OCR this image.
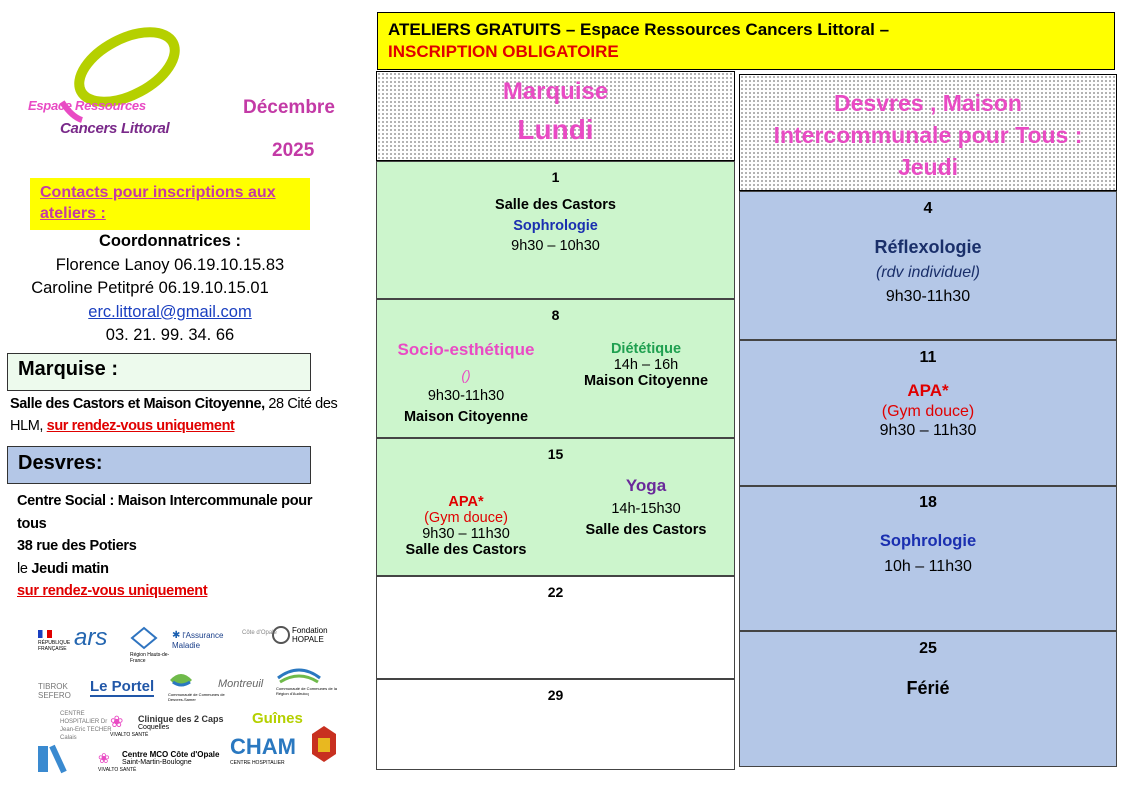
Espace Ressources
Cancers Littoral
Décembre
2025
Contacts pour inscriptions aux ateliers :
Coordonnatrices :
Florence Lanoy 06.19.10.15.83
Caroline Petitpré 06.19.10.15.01
erc.littoral@gmail.com
03. 21. 99. 34. 66
Marquise :
Salle des Castors et Maison Citoyenne, 28 Cité des HLM, sur rendez-vous uniquement
Desvres:
Centre Social : Maison Intercommunale pour tous
38 rue des Potiers
le Jeudi matin
sur rendez-vous uniquement
RÉPUBLIQUE FRANÇAISE ars
Région Hauts-de-France
✱ l'Assurance Maladie
Côte d'Opale	Fondation HOPALE
TIBROK SEFERO
Le Portel	Communauté de Communes de Desvres-Samer
Montreuil	Communauté de Communes de la Région d'Audruicq
CENTRE HOSPITALIER Dr Jean-Eric TECHER Calais
❀
VIVALTO SANTÉ
Clinique des 2 Caps
Coquelles
Guînes
CHAM
CENTRE HOSPITALIER
❀
VIVALTO SANTÉ
Centre MCO Côte d'Opale
Saint-Martin-Boulogne
ATELIERS GRATUITS – Espace Ressources Cancers Littoral –
INSCRIPTION OBLIGATOIRE
Marquise
Lundi
1
Salle des Castors
Sophrologie
9h30 – 10h30
8
Socio-esthétique
()
9h30-11h30
Maison Citoyenne
Diététique
14h – 16h
Maison Citoyenne
15
APA*
(Gym douce)
9h30 – 11h30
Salle des Castors
Yoga
14h-15h30
Salle des Castors
22
29
Desvres , Maison Intercommunale pour Tous : Jeudi
4
Réflexologie
(rdv individuel)
9h30-11h30
11
APA*
(Gym douce)
9h30 – 11h30
18
Sophrologie
10h – 11h30
25
Férié
